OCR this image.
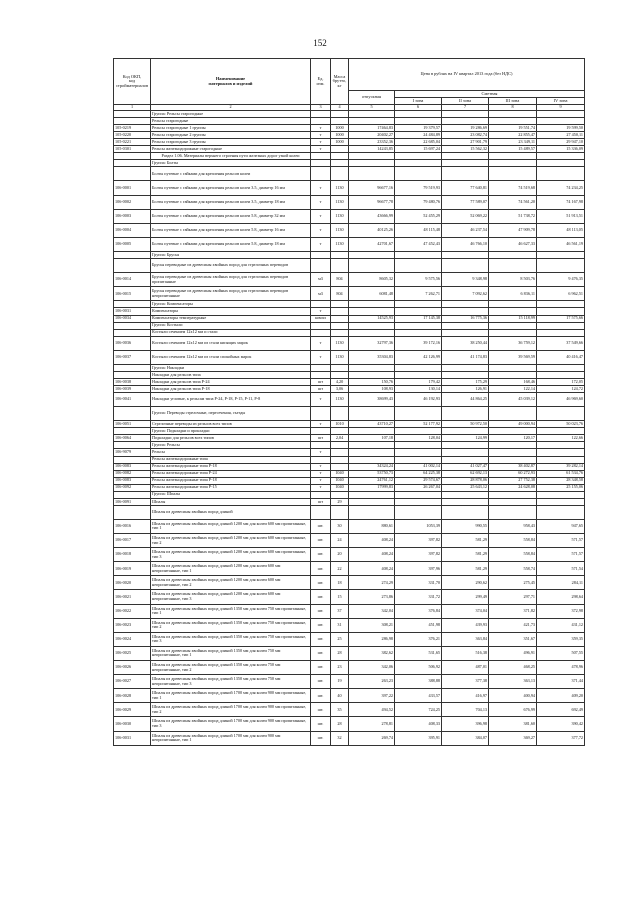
152
Код ОКП,
код
стройматериалов	Наименование
материалов и изделий	Ед.
изм.	Масса
брутто,
кг	Цена в рублях на IV квартал 2013 года (без НДС)				
				отпускная	Сметная			
					I зона	II зона	III зона	IV зона
1	2	3	4	5	6	7	8	9
	Группа: Рельсы старогодные							
	Рельсы старогодные							
105-0219	Рельсы старогодные 1 группы	т	1000	17464,83	19 379,57	19 286,69	19 551,74	19 599,50
105-0220	Рельсы старогодные 2 группы	т	1000	20402,27	24 484,89	23 082,74	22 855,47	27 450,11
105-0221	Рельсы старогодные 3 группы	т	1000	23352,36	22 685,04	27 901,79	23 349,11	29 947,10
105-0301	Рельсы железнодорожные старогодные	т		14243,85	15 697,24	15 562,32	15 489,57	15 336,09
	Раздел 1.06. Материалы верхнего строения пути железных дорог узкой колеи							
	Группа: Болты							
	Болты путевые с гайками для крепления рельсов колеи							
106-0001	Болты путевые с гайками для крепления рельсов колеи 3.5, диаметр 16 мм	т	1130	96677,16	79 519,93	77 640,81	74 519,68	74 234,25
106-0002	Болты путевые с гайками для крепления рельсов колеи 3.5, диаметр 18 мм	т	1130	96677,78	79 480,76	77 589,07	74 561,20	74 167,98
106-0003	Болты путевые с гайками для крепления рельсов колеи 5.8, диаметр 32 мм	т	1130	43666,99	52 455,29	52 069,22	51 738,72	51 913,51
106-0004	Болты путевые с гайками для крепления рельсов колеи 5.8, диаметр 16 мм	т	1130	40125,26	48 115,48	46 237,54	47 909,78	48 113,05
106-0005	Болты путевые с гайками для крепления рельсов колеи 5.8, диаметр 18 мм	т	1130	42701,67	47 452,43	46 766,10	46 627,33	46 561,19
	Группа: Брусья							
	Брусья переводные из древесины хвойных пород для стрелочных переводов							
106-0014	Брусья переводные из древесины хвойных пород для стрелочных переводов пропитанные	м3	804	8605,32	9 575,56	9 348,98	8 503,76	9 476,35
106-0015	Брусья переводные из древесины хвойных пород для стрелочных переводов непропитанные	м3	804	6081,48	7 262,71	7 092,62	6 836,11	6 962,51
	Группа: Компенсаторы							
106-0031	Компенсаторы	т						
106-0034	Компенсаторы температурные	компл		14525,93	17 145,38	16 775,36	15 118,99	17 575,66
	Группа: Костыли							
	Костыли сечением 12х12 мм и стали							
106-0036	Костыли сечением 12х12 мм из стали кипящих марок	т	1130	32797,36	39 172,16	38 250,44	36 759,12	37 549,66
106-0037	Костыли сечением 12х12 мм из стали спокойных марок	т	1130	35304,83	42 126,99	41 174,83	39 569,59	40 416,47
	Группа: Накладки							
	Накладки для рельсов типа							
106-0038	Накладки для рельсов типа Р-24	шт	4,20	150,76	179,42	175,29	168,46	172,05
106-0039	Накладки для рельсов типа Р-18	шт	3,06	108,93	130,14	126,91	122,14	124,72
106-0041	Накладки угловые, к рельсам типа Р-24, Р-18, Р-15, Р-11, Р-8	т	1130	38699,43	46 192,93	44 864,25	45 039,12	46 969,60
	Группа: Переводы стрелочные, пересечения, съезды							
106-0051	Стрелочные переводы из рельсов всех типов	т	1010	43710,27	52 177,92	50 972,50	49 000,94	50 023,76
	Группа: Подкладки и прокладки							
106-0064	Подкладки для рельсов всех типов	шт	2,04	107,18	128,04	124,99	120,17	122,66
	Группа: Рельсы							
106-9079	Рельсы	т						
	Рельсы железнодорожные типа							
106-0083	Рельсы железнодорожные типа Р-18	т		34324,24	41 002,14	41 027,47	38 402,87	39 282,14
106-0082	Рельсы железнодорожные типа Р-24	т	1040	53750,73	64 225,38	62 692,13	60 272,93	61 534,76
106-0083	Рельсы железнодорожные типа Р-18	т	1040	24761,12	29 574,67	28 878,06	27 752,38	28 348,58
106-0092	Рельсы железнодорожные типа Р-15	т	1040	17999,83	26 267,04	25 643,12	24 628,08	25 155,06
	Группа: Шпалы							
106-0091	Шпалы	шт	29					
	Шпалы из древесины хвойных пород длиной							
106-0016	Шпалы из древесины хвойных пород длиной 1200 мм для колеи 600 мм пропитанные, тип 1	шт.	30	880,61	1053,39	990,55	958,43	947,65
106-0017	Шпалы из древесины хвойных пород длиной 1200 мм для колеи 600 мм пропитанные, тип 2	шт.	24	408,24	397,82	581,29	558,84	571,57
106-0018	Шпалы из древесины хвойных пород длиной 1200 мм для колеи 600 мм пропитанные, тип 3	шт.	20	408,24	397,82	581,29	558,84	571,57
106-0019	Шпалы из древесины хвойных пород длиной 1200 мм для колеи 600 мм непропитанные, тип 1	шт.	22	408,24	397,96	581,29	558,74	571,54
106-0020	Шпалы из древесины хвойных пород длиной 1200 мм для колеи 600 мм непропитанные, тип 2	шт.	18	274,29	331,70	290,62	275,45	284,11
106-0021	Шпалы из древесины хвойных пород длиной 1200 мм для колеи 600 мм непропитанные, тип 3	шт.	15	273,86	331,72	299,49	297,71	298,64
106-0022	Шпалы из древесины хвойных пород длиной 1350 мм для колеи 750 мм пропитанные, тип 1	шт.	37	342,04	376,84	374,04	371,82	372,98
106-0023	Шпалы из древесины хвойных пород длиной 1350 мм для колеи 750 мм пропитанные, тип 2	шт.	31	308,21	451,98	439,93	421,73	431,12
106-0024	Шпалы из древесины хвойных пород длиной 1350 мм для колеи 750 мм пропитанные, тип 3	шт.	25	286,98	376,21	363,84	351,67	359,35
106-0025	Шпалы из древесины хвойных пород длиной 1350 мм для колеи 750 мм непропитанные, тип 1	шт.	28	382,62	531,65	516,38	496,91	507,55
106-0026	Шпалы из древесины хвойных пород длиной 1350 мм для колеи 750 мм непропитанные, тип 2	шт.	23	342,06	506,92	487,01	468,25	478,96
106-0027	Шпалы из древесины хвойных пород длиной 1350 мм для колеи 750 мм непропитанные, тип 3	шт.	19	263,23	388,88	377,38	363,13	371,44
106-0028	Шпалы из древесины хвойных пород длиной 1700 мм для колеи 900 мм пропитанные, тип 1	шт.	40	397,22	433,57	416,97	400,94	409,20
106-0029	Шпалы из древесины хвойных пород длиной 1700 мм для колеи 900 мм пропитанные, тип 2	шт.	35	494,52	724,25	704,13	676,99	692,49
106-0030	Шпалы из древесины хвойных пород длиной 1700 мм для колеи 900 мм пропитанные, тип 3	шт.	28	278,81	408,33	396,98	381,60	390,42
106-0031	Шпалы из древесины хвойных пород длиной 1700 мм для колеи 900 мм непропитанные, тип 1	шт.	32	269,74	395,91	384,07	369,27	377,72
